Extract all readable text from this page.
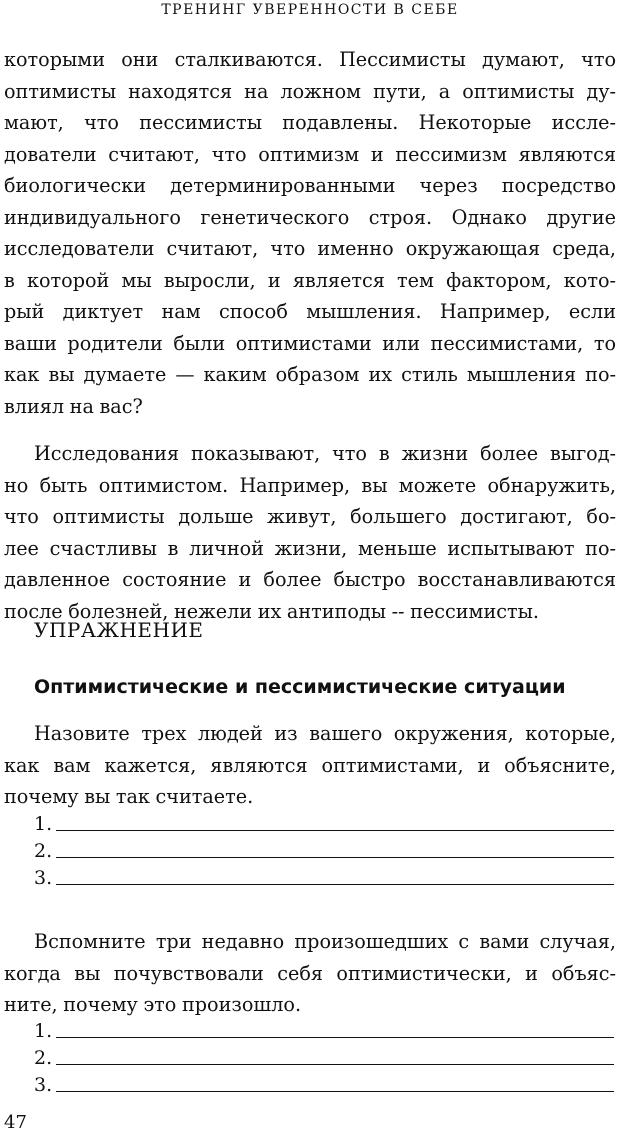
ТРЕНИНГ УВЕРЕННОСТИ В СЕБЕ

которыми они сталкиваются. Пессимисты думают, что
оптимисты находятся на ложном пути, а оптимисты ду-
мают, что пессимисты подавлены. Некоторые иссле-
дователи считают, что оптимизм и пессимизм являются
биологически детерминированными через посредство
индивидуального генетического строя. Однако другие
исследователи считают, что именно окружающая среда,
в которой мы выросли, и является тем фактором, кото-
рый диктует нам способ мышления. Например, если
ваши родители были оптимистами или пессимистами, то
как вы думаете — каким образом их стиль мышления по-
влиял на вас?

Исследования показывают, что в жизни более выгод-
но быть оптимистом. Например, вы можете обнаружить,
что оптимисты дольше живут, большего достигают, бо-
лее счастливы в личной жизни, меньше испытывают по-
давленное состояние и более быстро восстанавливаются
после болезней, нежели их антиподы -- пессимисты.

УПРАЖНЕНИЕ
Оптимистические и пессимистические ситуации

Назовите трех людей из вашего окружения, которые,
как вам кажется, являются оптимистами, и объясните,
почему вы так считаете.

1.
2.
3.

Вспомните три недавно произошедших с вами случая,
когда вы почувствовали себя оптимистически, и объяс-
ните, почему это произошло.

1.
2.
3.
47
